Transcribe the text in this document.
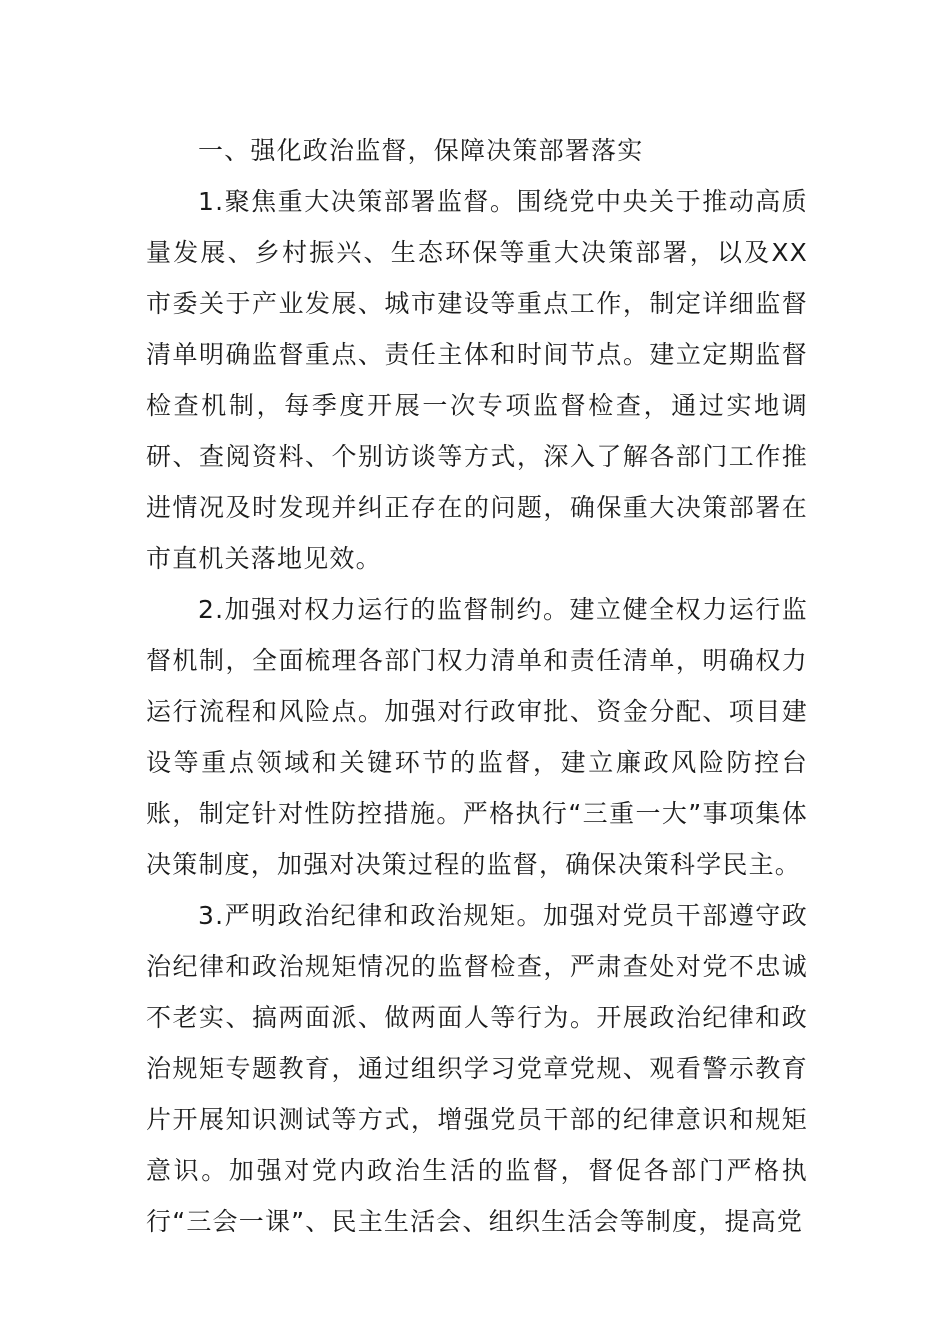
一、强化政治监督，保障决策部署落实

1.聚焦重大决策部署监督。围绕党中央关于推动高质量发展、乡村振兴、生态环保等重大决策部署，以及XX市委关于产业发展、城市建设等重点工作，制定详细监督清单明确监督重点、责任主体和时间节点。建立定期监督检查机制，每季度开展一次专项监督检查，通过实地调研、查阅资料、个别访谈等方式，深入了解各部门工作推进情况及时发现并纠正存在的问题，确保重大决策部署在市直机关落地见效。

2.加强对权力运行的监督制约。建立健全权力运行监督机制，全面梳理各部门权力清单和责任清单，明确权力运行流程和风险点。加强对行政审批、资金分配、项目建设等重点领域和关键环节的监督，建立廉政风险防控台账，制定针对性防控措施。严格执行“三重一大”事项集体决策制度，加强对决策过程的监督，确保决策科学民主。

3.严明政治纪律和政治规矩。加强对党员干部遵守政治纪律和政治规矩情况的监督检查，严肃查处对党不忠诚不老实、搞两面派、做两面人等行为。开展政治纪律和政治规矩专题教育，通过组织学习党章党规、观看警示教育片开展知识测试等方式，增强党员干部的纪律意识和规矩意识。加强对党内政治生活的监督，督促各部门严格执行“三会一课”、民主生活会、组织生活会等制度，提高党
